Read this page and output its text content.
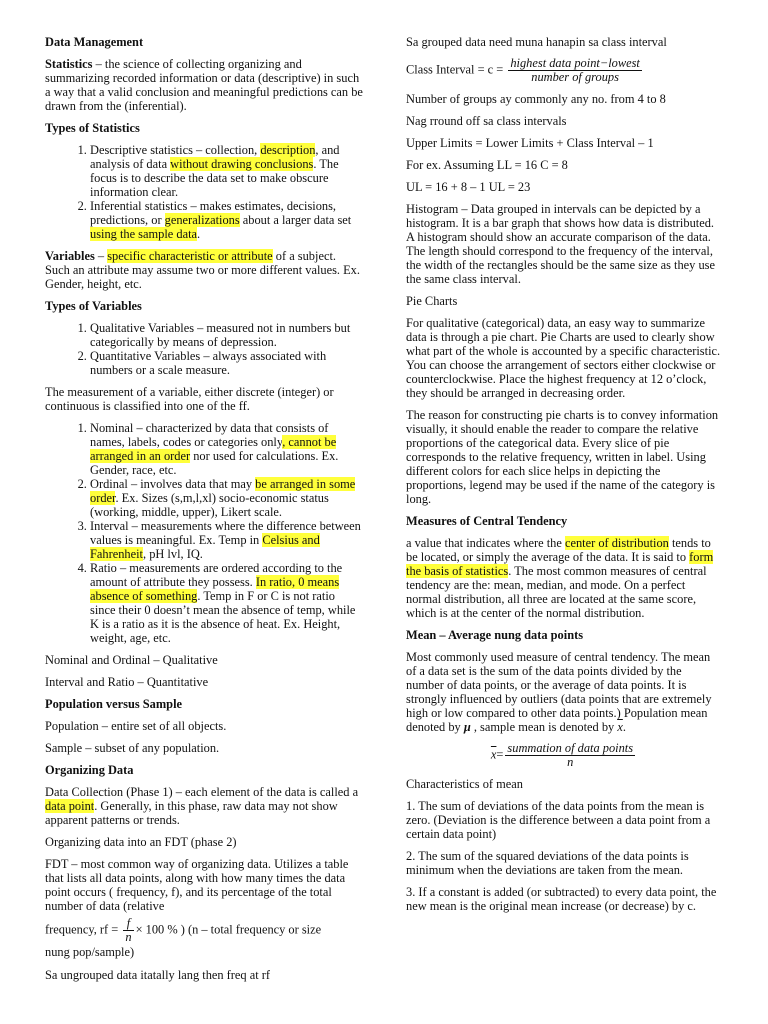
Data Management

Statistics – the science of collecting organizing and summarizing recorded information or data (descriptive) in such a way that a valid conclusion and meaningful predictions can be drawn from the (inferential).

Types of Statistics
1. Descriptive statistics – collection, description, and analysis of data without drawing conclusions. The focus is to describe the data set to make obscure information clear.
2. Inferential statistics – makes estimates, decisions, predictions, or generalizations about a larger data set using the sample data.

Variables – specific characteristic or attribute of a subject. Such an attribute may assume two or more different values. Ex. Gender, height, etc.

Types of Variables
1. Qualitative Variables – measured not in numbers but categorically by means of depression.
2. Quantitative Variables – always associated with numbers or a scale measure.

The measurement of a variable, either discrete (integer) or continuous is classified into one of the ff.

1. Nominal – characterized by data that consists of names, labels, codes or categories only, cannot be arranged in an order nor used for calculations. Ex. Gender, race, etc.
2. Ordinal – involves data that may be arranged in some order. Ex. Sizes (s,m,l,xl) socio-economic status (working, middle, upper), Likert scale.
3. Interval – measurements where the difference between values is meaningful. Ex. Temp in Celsius and Fahrenheit, pH lvl, IQ.
4. Ratio – measurements are ordered according to the amount of attribute they possess. In ratio, 0 means absence of something. Temp in F or C is not ratio since their 0 doesn’t mean the absence of temp, while K is a ratio as it is the absence of heat. Ex. Height, weight, age, etc.

Nominal and Ordinal – Qualitative

Interval and Ratio – Quantitative

Population versus Sample

Population – entire set of all objects.

Sample – subset of any population.

Organizing Data

Data Collection (Phase 1) – each element of the data is called a data point. Generally, in this phase, raw data may not show apparent patterns or trends.

Organizing data into an FDT (phase 2)

FDT – most common way of organizing data. Utilizes a table that lists all data points, along with how many times the data point occurs ( frequency, f), and its percentage of the total number of data (relative

frequency, rf = $\frac{f}{n} \times 100$ % ) (n – total frequency or size
nung pop/sample)

Sa ungrouped data itatally lang then freq at rf

Sa grouped data need muna hanapin sa class interval

Class Interval = $c = \frac{\text{highest data point−lowest}}{\text{number of groups}}$

Number of groups ay commonly any no. from 4 to 8

Nag rround off sa class intervals

Upper Limits = Lower Limits + Class Interval – 1

For ex. Assuming LL = 16 C = 8

UL = 16 + 8 – 1 UL = 23

Histogram – Data grouped in intervals can be depicted by a histogram. It is a bar graph that shows how data is distributed. A histogram should show an accurate comparison of the data. The length should correspond to the frequency of the interval, the width of the rectangles should be the same size as they use the same class interval.

Pie Charts

For qualitative (categorical) data, an easy way to summarize data is through a pie chart. Pie Charts are used to clearly show what part of the whole is accounted by a specific characteristic. You can choose the arrangement of sectors either clockwise or counterclockwise. Place the highest frequency at 12 o’clock, they should be arranged in decreasing order.

The reason for constructing pie charts is to convey information visually, it should enable the reader to compare the relative proportions of the categorical data. Every slice of pie corresponds to the relative frequency, written in label. Using different colors for each slice helps in depicting the proportions, legend may be used if the name of the category is long.

Measures of Central Tendency

a value that indicates where the center of distribution tends to be located, or simply the average of the data. It is said to form the basis of statistics. The most common measures of central tendency are the: mean, median, and mode. On a perfect normal distribution, all three are located at the same score, which is at the center of the normal distribution.

Mean – Average nung data points

Most commonly used measure of central tendency. The mean of a data set is the sum of the data points divided by the number of data points, or the average of data points. It is strongly influenced by outliers (data points that are extremely high or low compared to other data points.) Population mean denoted by μ , sample mean is denoted by $\overline{x}$.

$\overline{x}= \frac{\text{summation of data points}}{n}$

Characteristics of mean

1. The sum of deviations of the data points from the mean is zero. (Deviation is the difference between a data point from a certain data point)

2. The sum of the squared deviations of the data points is minimum when the deviations are taken from the mean.

3. If a constant is added (or subtracted) to every data point, the new mean is the original mean increase (or decrease) by c.
